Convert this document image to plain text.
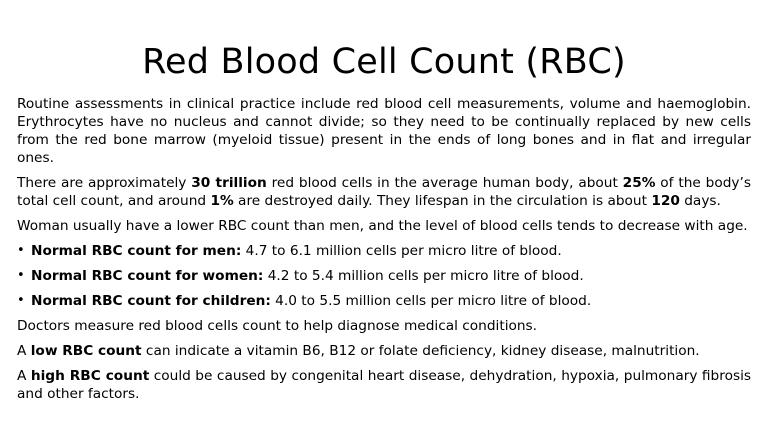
Red Blood Cell Count (RBC)

Routine assessments in clinical practice include red blood cell measurements, volume and haemoglobin. Erythrocytes have no nucleus and cannot divide; so they need to be continually replaced by new cells from the red bone marrow (myeloid tissue) present in the ends of long bones and in flat and irregular ones.

There are approximately 30 trillion red blood cells in the average human body, about 25% of the body’s total cell count, and around 1% are destroyed daily. They lifespan in the circulation is about 120 days.

Woman usually have a lower RBC count than men, and the level of blood cells tends to decrease with age.

• Normal RBC count for men: 4.7 to 6.1 million cells per micro litre of blood.
• Normal RBC count for women: 4.2 to 5.4 million cells per micro litre of blood.
• Normal RBC count for children: 4.0 to 5.5 million cells per micro litre of blood.

Doctors measure red blood cells count to help diagnose medical conditions.

A low RBC count can indicate a vitamin B6, B12 or folate deficiency, kidney disease, malnutrition.

A high RBC count could be caused by congenital heart disease, dehydration, hypoxia, pulmonary fibrosis and other factors.
